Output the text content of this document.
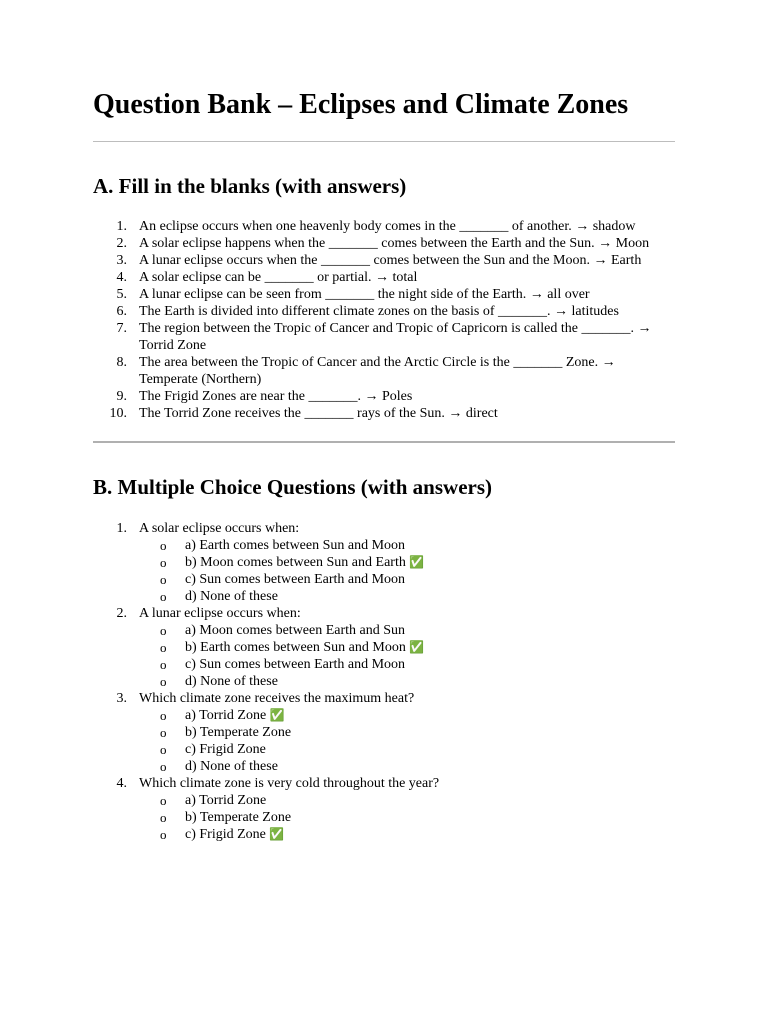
Question Bank – Eclipses and Climate Zones
A. Fill in the blanks (with answers)
1. An eclipse occurs when one heavenly body comes in the _______ of another. → shadow
2. A solar eclipse happens when the _______ comes between the Earth and the Sun. → Moon
3. A lunar eclipse occurs when the _______ comes between the Sun and the Moon. → Earth
4. A solar eclipse can be _______ or partial. → total
5. A lunar eclipse can be seen from _______ the night side of the Earth. → all over
6. The Earth is divided into different climate zones on the basis of _______. → latitudes
7. The region between the Tropic of Cancer and Tropic of Capricorn is called the _______. → Torrid Zone
8. The area between the Tropic of Cancer and the Arctic Circle is the _______ Zone. → Temperate (Northern)
9. The Frigid Zones are near the _______. → Poles
10. The Torrid Zone receives the _______ rays of the Sun. → direct
B. Multiple Choice Questions (with answers)
1. A solar eclipse occurs when:
o a) Earth comes between Sun and Moon
o b) Moon comes between Sun and Earth ✅
o c) Sun comes between Earth and Moon
o d) None of these
2. A lunar eclipse occurs when:
o a) Moon comes between Earth and Sun
o b) Earth comes between Sun and Moon ✅
o c) Sun comes between Earth and Moon
o d) None of these
3. Which climate zone receives the maximum heat?
o a) Torrid Zone ✅
o b) Temperate Zone
o c) Frigid Zone
o d) None of these
4. Which climate zone is very cold throughout the year?
o a) Torrid Zone
o b) Temperate Zone
o c) Frigid Zone ✅
